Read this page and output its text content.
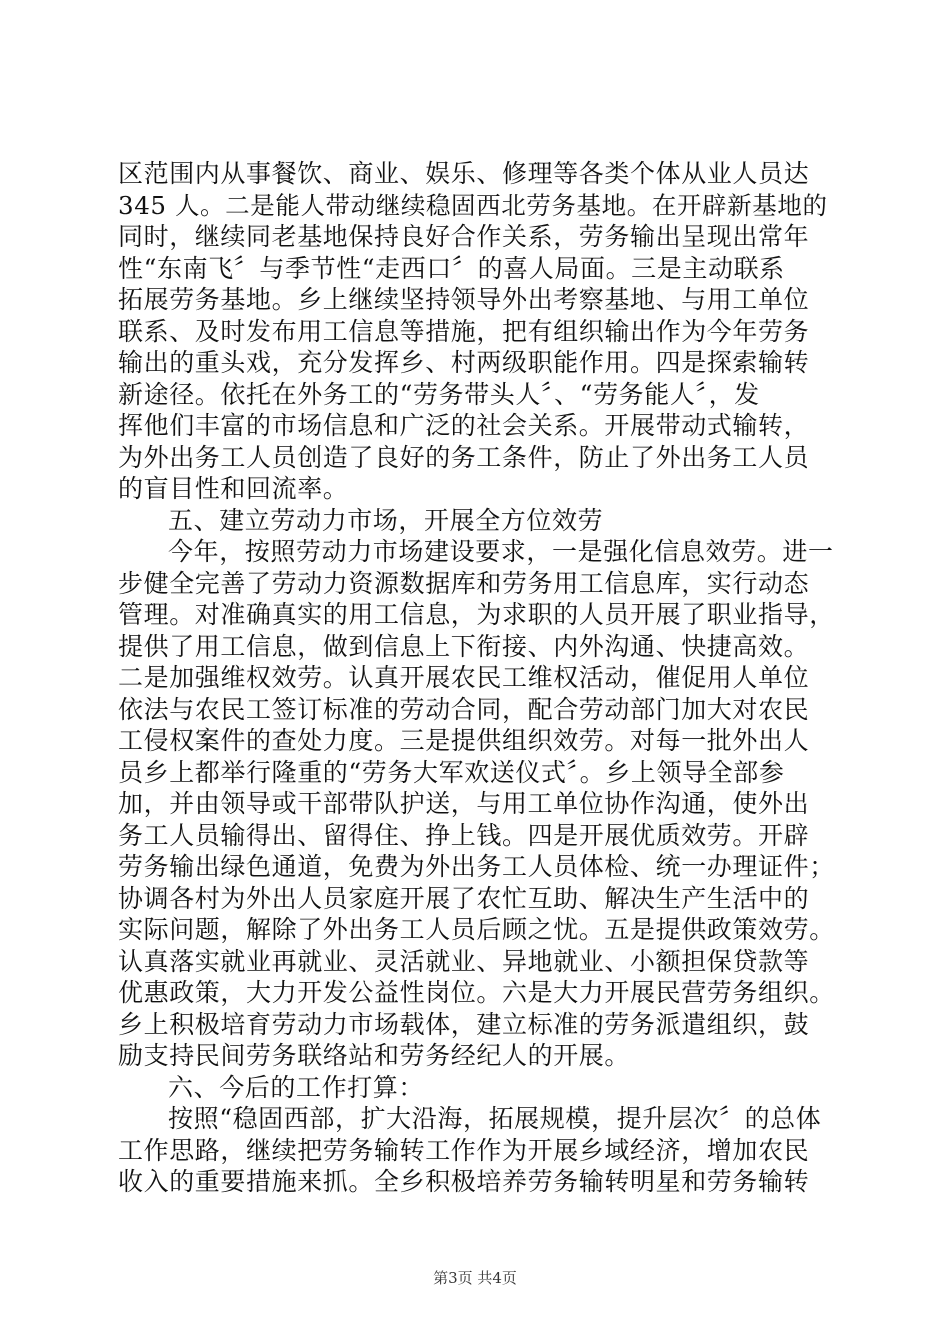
区范围内从事餐饮、商业、娱乐、修理等各类个体从业人员达
345 人。二是能人带动继续稳固西北劳务基地。在开辟新基地的
同时，继续同老基地保持良好合作关系，劳务输出呈现出常年
性“东南飞〞与季节性“走西口〞的喜人局面。三是主动联系
拓展劳务基地。乡上继续坚持领导外出考察基地、与用工单位
联系、及时发布用工信息等措施，把有组织输出作为今年劳务
输出的重头戏，充分发挥乡、村两级职能作用。四是探索输转
新途径。依托在外务工的“劳务带头人〞、“劳务能人〞，发
挥他们丰富的市场信息和广泛的社会关系。开展带动式输转，
为外出务工人员创造了良好的务工条件，防止了外出务工人员
的盲目性和回流率。
五、建立劳动力市场，开展全方位效劳
今年，按照劳动力市场建设要求，一是强化信息效劳。进一
步健全完善了劳动力资源数据库和劳务用工信息库，实行动态
管理。对准确真实的用工信息，为求职的人员开展了职业指导，
提供了用工信息，做到信息上下衔接、内外沟通、快捷高效。
二是加强维权效劳。认真开展农民工维权活动，催促用人单位
依法与农民工签订标准的劳动合同，配合劳动部门加大对农民
工侵权案件的查处力度。三是提供组织效劳。对每一批外出人
员乡上都举行隆重的“劳务大军欢送仪式〞。乡上领导全部参
加，并由领导或干部带队护送，与用工单位协作沟通，使外出
务工人员输得出、留得住、挣上钱。四是开展优质效劳。开辟
劳务输出绿色通道，免费为外出务工人员体检、统一办理证件；
协调各村为外出人员家庭开展了农忙互助、解决生产生活中的
实际问题，解除了外出务工人员后顾之忧。五是提供政策效劳。
认真落实就业再就业、灵活就业、异地就业、小额担保贷款等
优惠政策，大力开发公益性岗位。六是大力开展民营劳务组织。
乡上积极培育劳动力市场载体，建立标准的劳务派遣组织，鼓
励支持民间劳务联络站和劳务经纪人的开展。
六、今后的工作打算：
按照“稳固西部，扩大沿海，拓展规模，提升层次〞的总体
工作思路，继续把劳务输转工作作为开展乡域经济，增加农民
收入的重要措施来抓。全乡积极培养劳务输转明星和劳务输转
第3页 共4页
